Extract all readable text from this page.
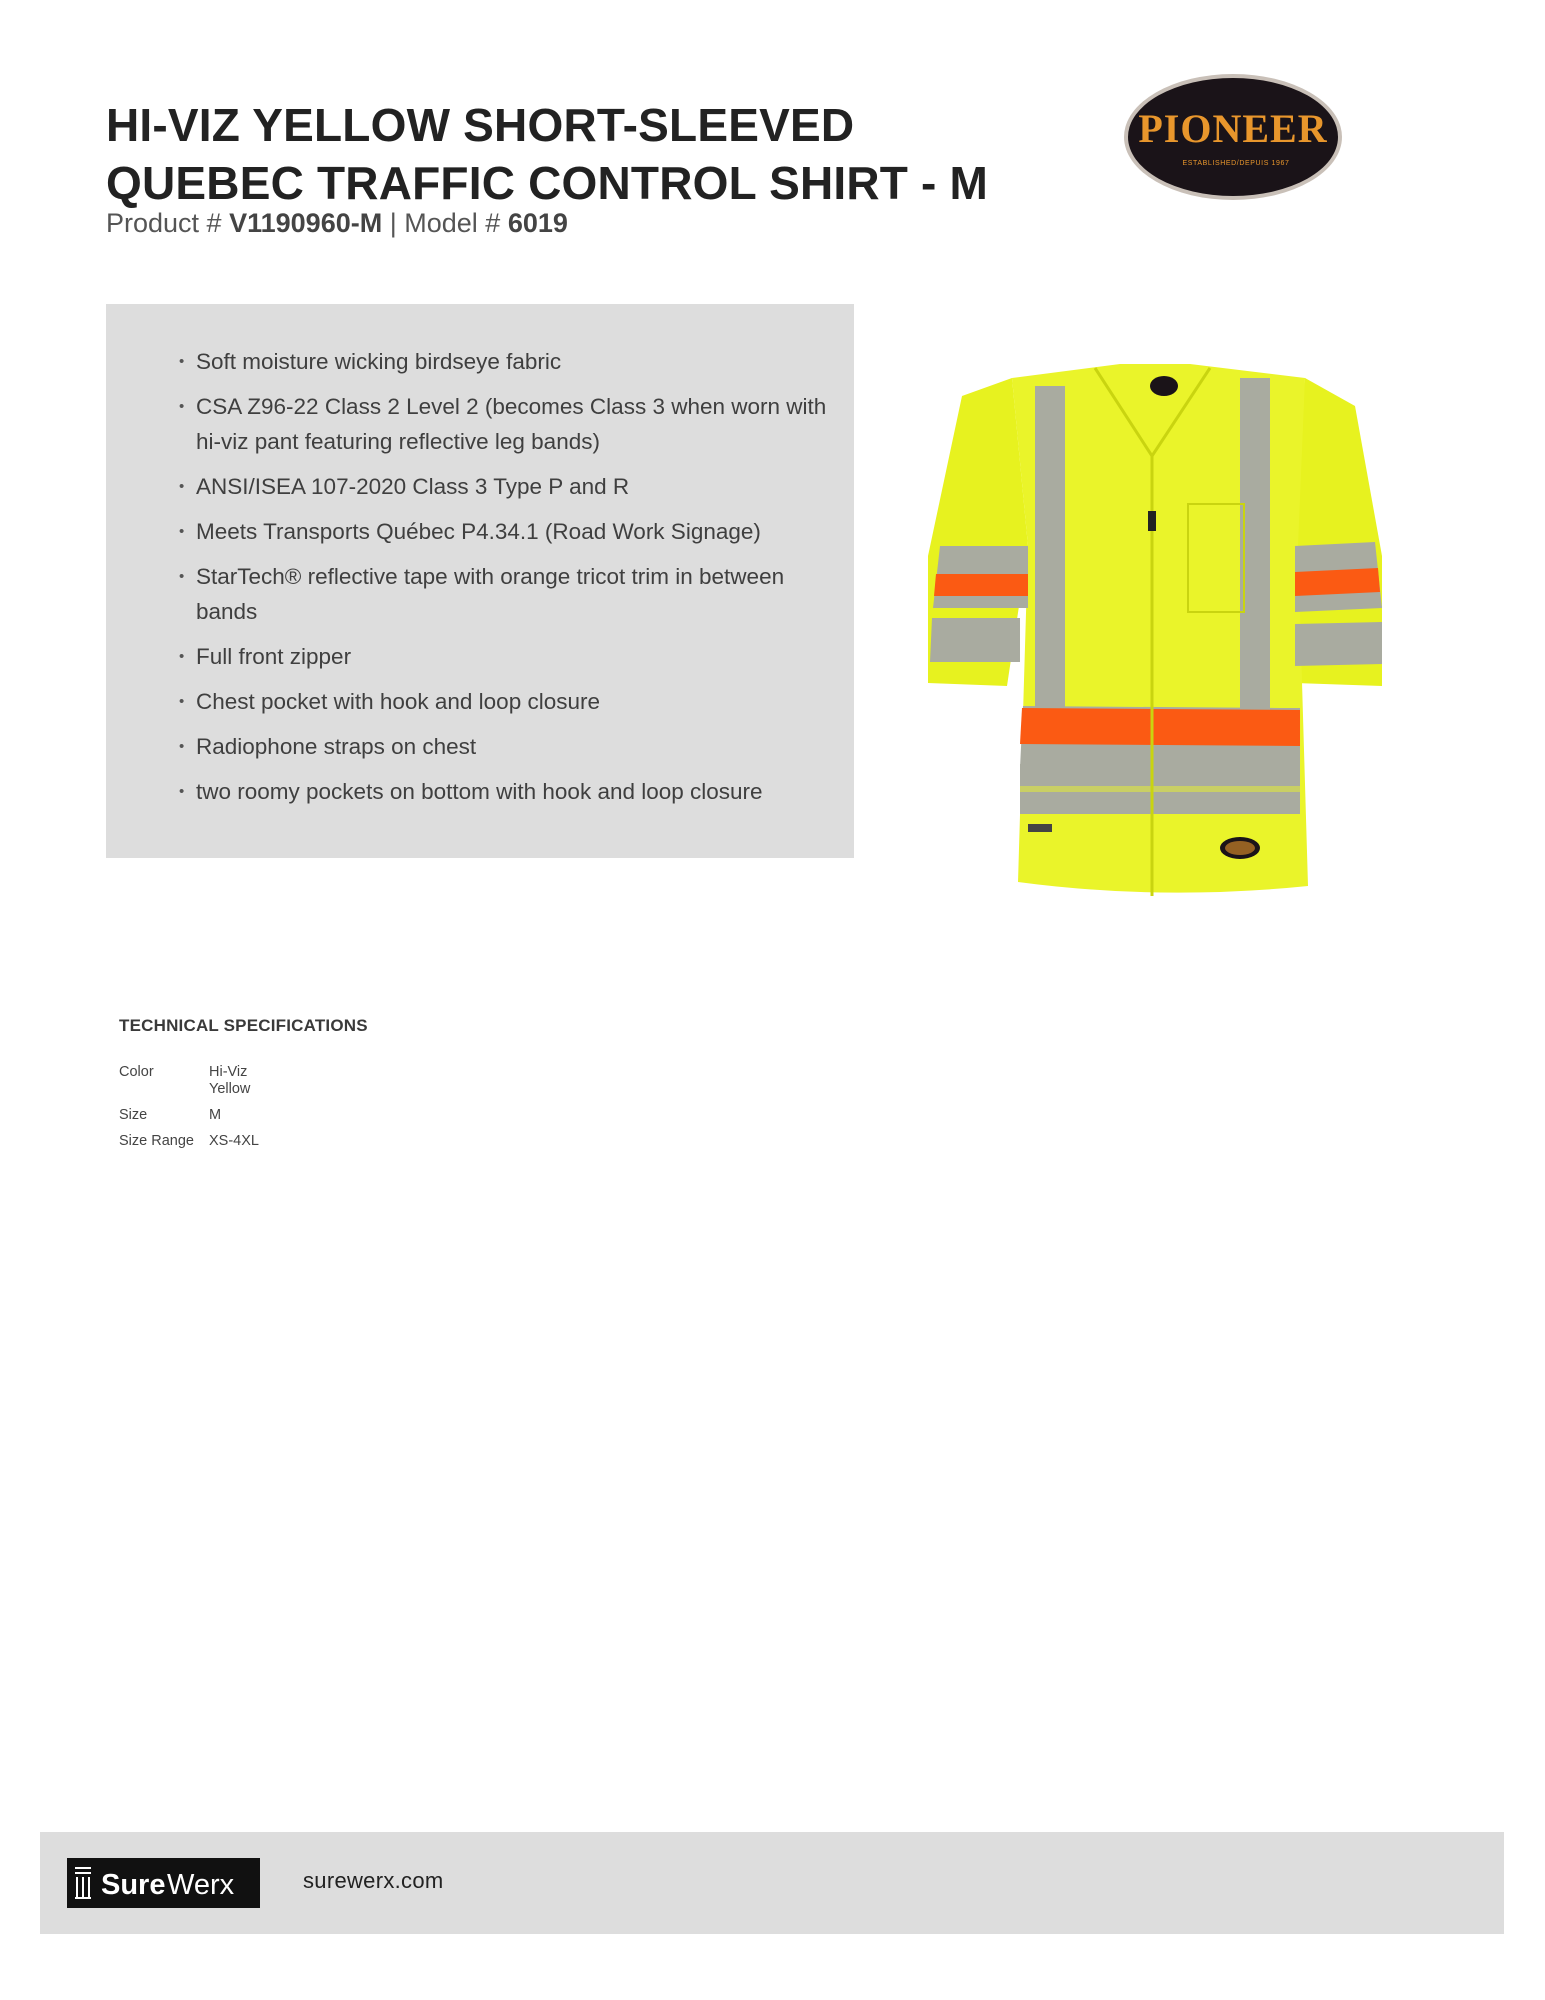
HI-VIZ YELLOW SHORT-SLEEVED
QUEBEC TRAFFIC CONTROL SHIRT - M
Product # V1190960-M | Model # 6019
PIONEER
ESTABLISHED/DEPUIS 1967
• Soft moisture wicking birdseye fabric
• CSA Z96-22 Class 2 Level 2 (becomes Class 3 when worn with hi-viz pant featuring reflective leg bands)
• ANSI/ISEA 107-2020 Class 3 Type P and R
• Meets Transports Québec P4.34.1 (Road Work Signage)
• StarTech® reflective tape with orange tricot trim in between bands
• Full front zipper
• Chest pocket with hook and loop closure
• Radiophone straps on chest
• two roomy pockets on bottom with hook and loop closure
TECHNICAL SPECIFICATIONS
Color	Hi-Viz Yellow
Size	M
Size Range	XS-4XL
Sure Werx	surewerx.com
